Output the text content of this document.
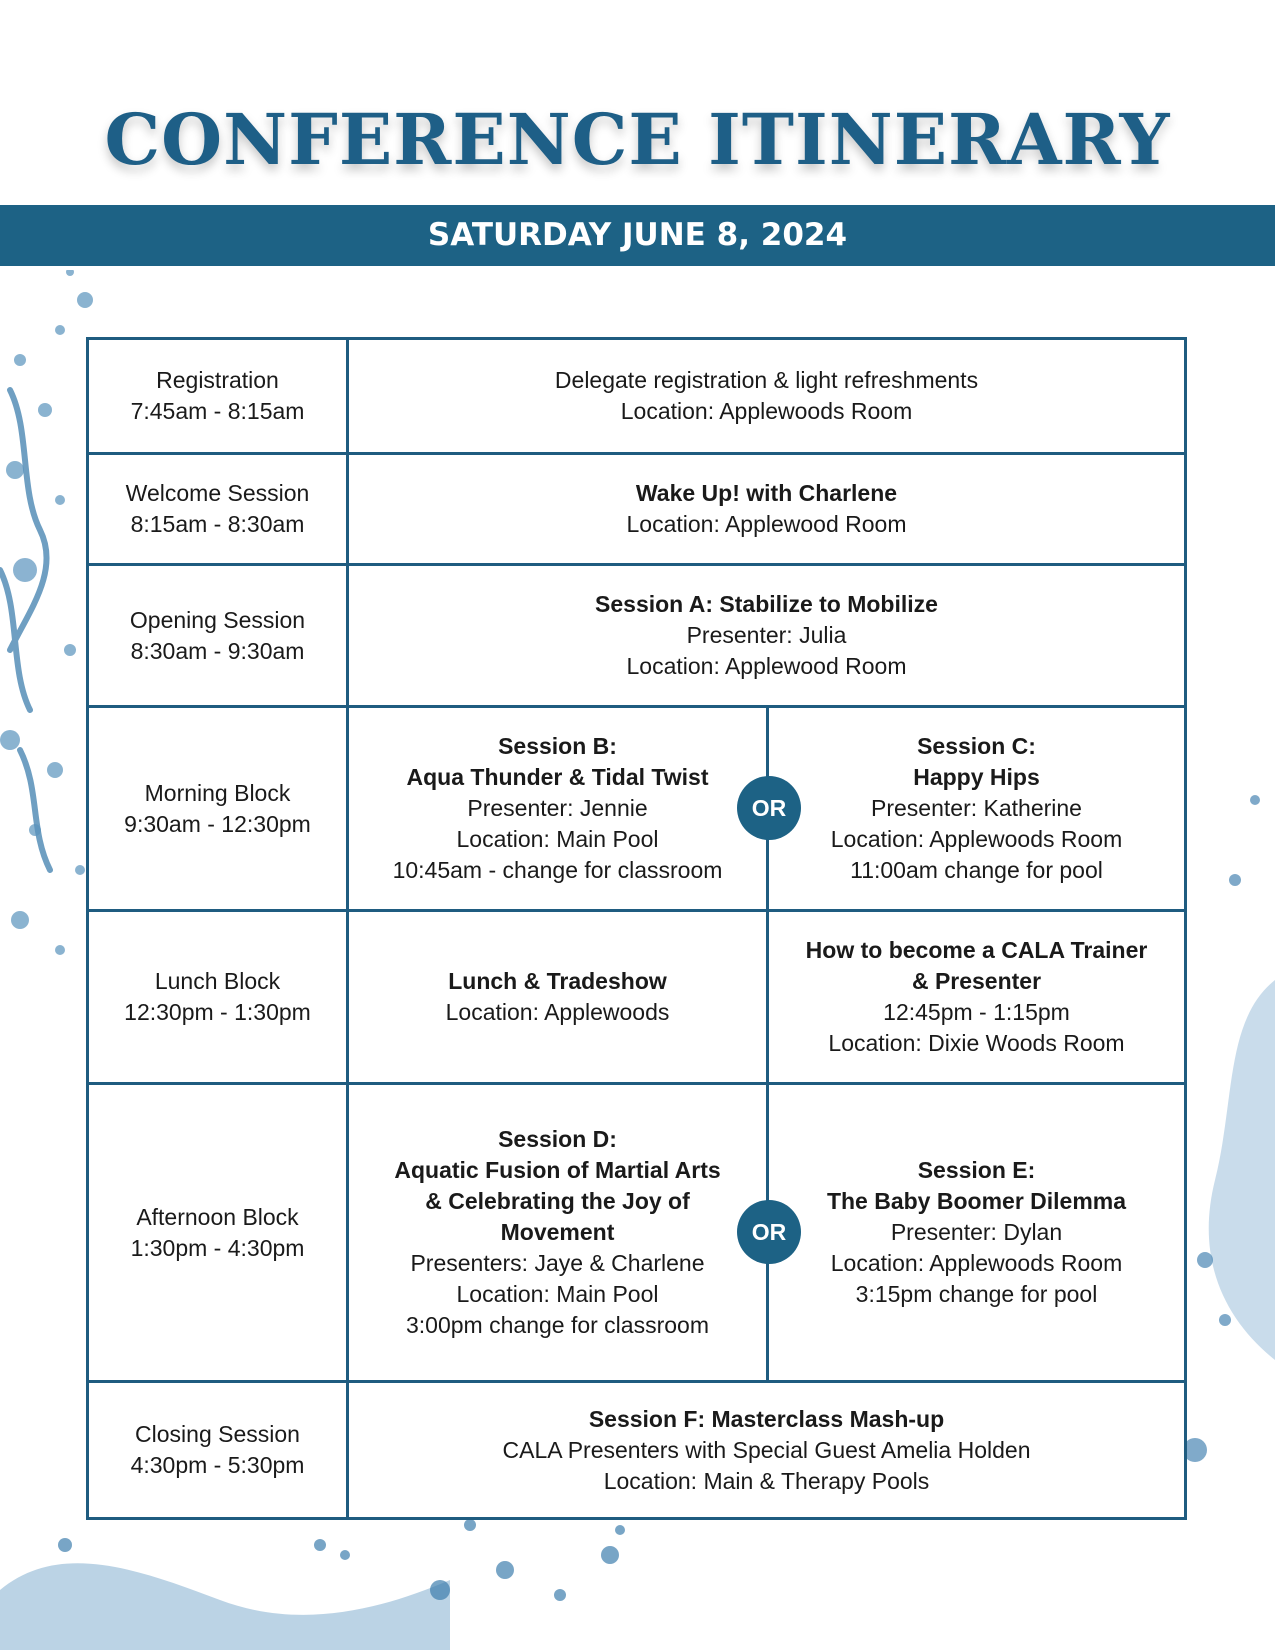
CONFERENCE ITINERARY
SATURDAY JUNE 8, 2024
Registration
7:45am - 8:15am
Delegate registration & light refreshments
Location: Applewoods Room
Welcome Session
8:15am - 8:30am
Wake Up! with Charlene
Location: Applewood Room
Opening Session
8:30am - 9:30am
Session A: Stabilize to Mobilize
Presenter: Julia
Location: Applewood Room
Morning Block
9:30am - 12:30pm
Session B:
Aqua Thunder & Tidal Twist
Presenter: Jennie
Location: Main Pool
10:45am - change for classroom
Session C:
Happy Hips
Presenter: Katherine
Location: Applewoods Room
11:00am change for pool
OR
Lunch Block
12:30pm - 1:30pm
Lunch & Tradeshow
Location: Applewoods
How to become a CALA Trainer
& Presenter
12:45pm - 1:15pm
Location: Dixie Woods Room
Afternoon Block
1:30pm - 4:30pm
Session D:
Aquatic Fusion of Martial Arts
& Celebrating the Joy of
Movement
Presenters: Jaye & Charlene
Location: Main Pool
3:00pm change for classroom
Session E:
The Baby Boomer Dilemma
Presenter: Dylan
Location: Applewoods Room
3:15pm change for pool
OR
Closing Session
4:30pm - 5:30pm
Session F: Masterclass Mash-up
CALA Presenters with Special Guest Amelia Holden
Location: Main & Therapy Pools
